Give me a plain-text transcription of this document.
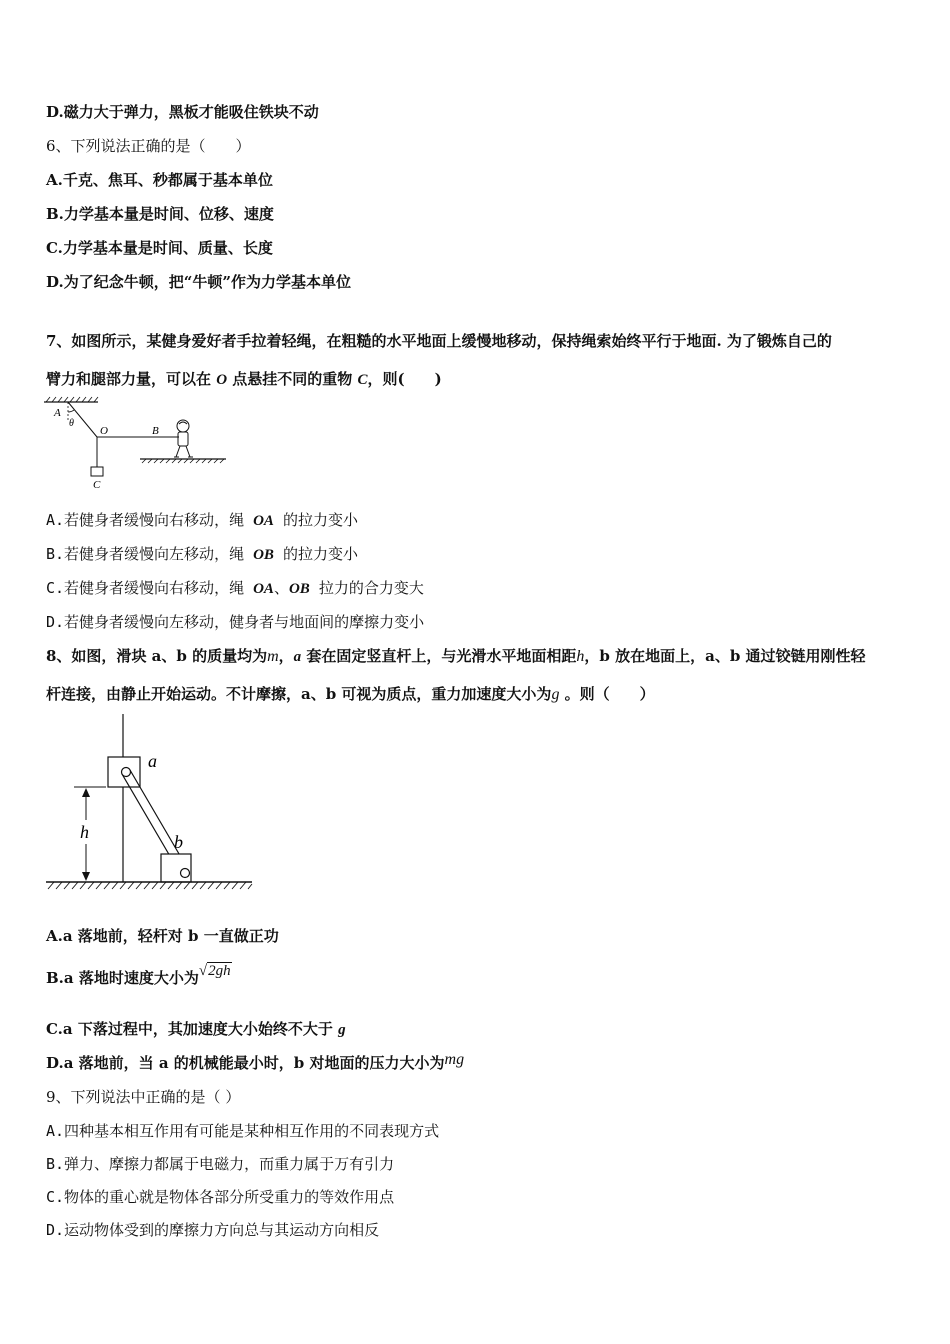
D.磁力大于弹力，黑板才能吸住铁块不动
6、下列说法正确的是（　　）
A.千克、焦耳、秒都属于基本单位
B.力学基本量是时间、位移、速度
C.力学基本量是时间、质量、长度
D.为了纪念牛顿，把“牛顿”作为力学基本单位
7、如图所示，某健身爱好者手拉着轻绳，在粗糙的水平地面上缓慢地移动，保持绳索始终平行于地面. 为了锻炼自己的
臂力和腿部力量，可以在 O 点悬挂不同的重物 C，则(　　)
A
θ
O	B
C
A.若健身者缓慢向右移动，绳 OA 的拉力变小
B.若健身者缓慢向左移动，绳 OB 的拉力变小
C.若健身者缓慢向右移动，绳 OA、OB 拉力的合力变大
D.若健身者缓慢向左移动，健身者与地面间的摩擦力变小
8、如图，滑块 a、b 的质量均为m，a 套在固定竖直杆上，与光滑水平地面相距h，b 放在地面上，a、b 通过铰链用刚性轻
杆连接，由静止开始运动。不计摩擦，a、b 可视为质点，重力加速度大小为g 。则（　　）
a
b
h
A.a 落地前，轻杆对 b 一直做正功
B.a 落地时速度大小为√2gh
C.a 下落过程中，其加速度大小始终不大于 g
D.a 落地前，当 a 的机械能最小时，b 对地面的压力大小为mg
9、下列说法中正确的是（ ）
A.四种基本相互作用有可能是某种相互作用的不同表现方式
B.弹力、摩擦力都属于电磁力，而重力属于万有引力
C.物体的重心就是物体各部分所受重力的等效作用点
D.运动物体受到的摩擦力方向总与其运动方向相反
